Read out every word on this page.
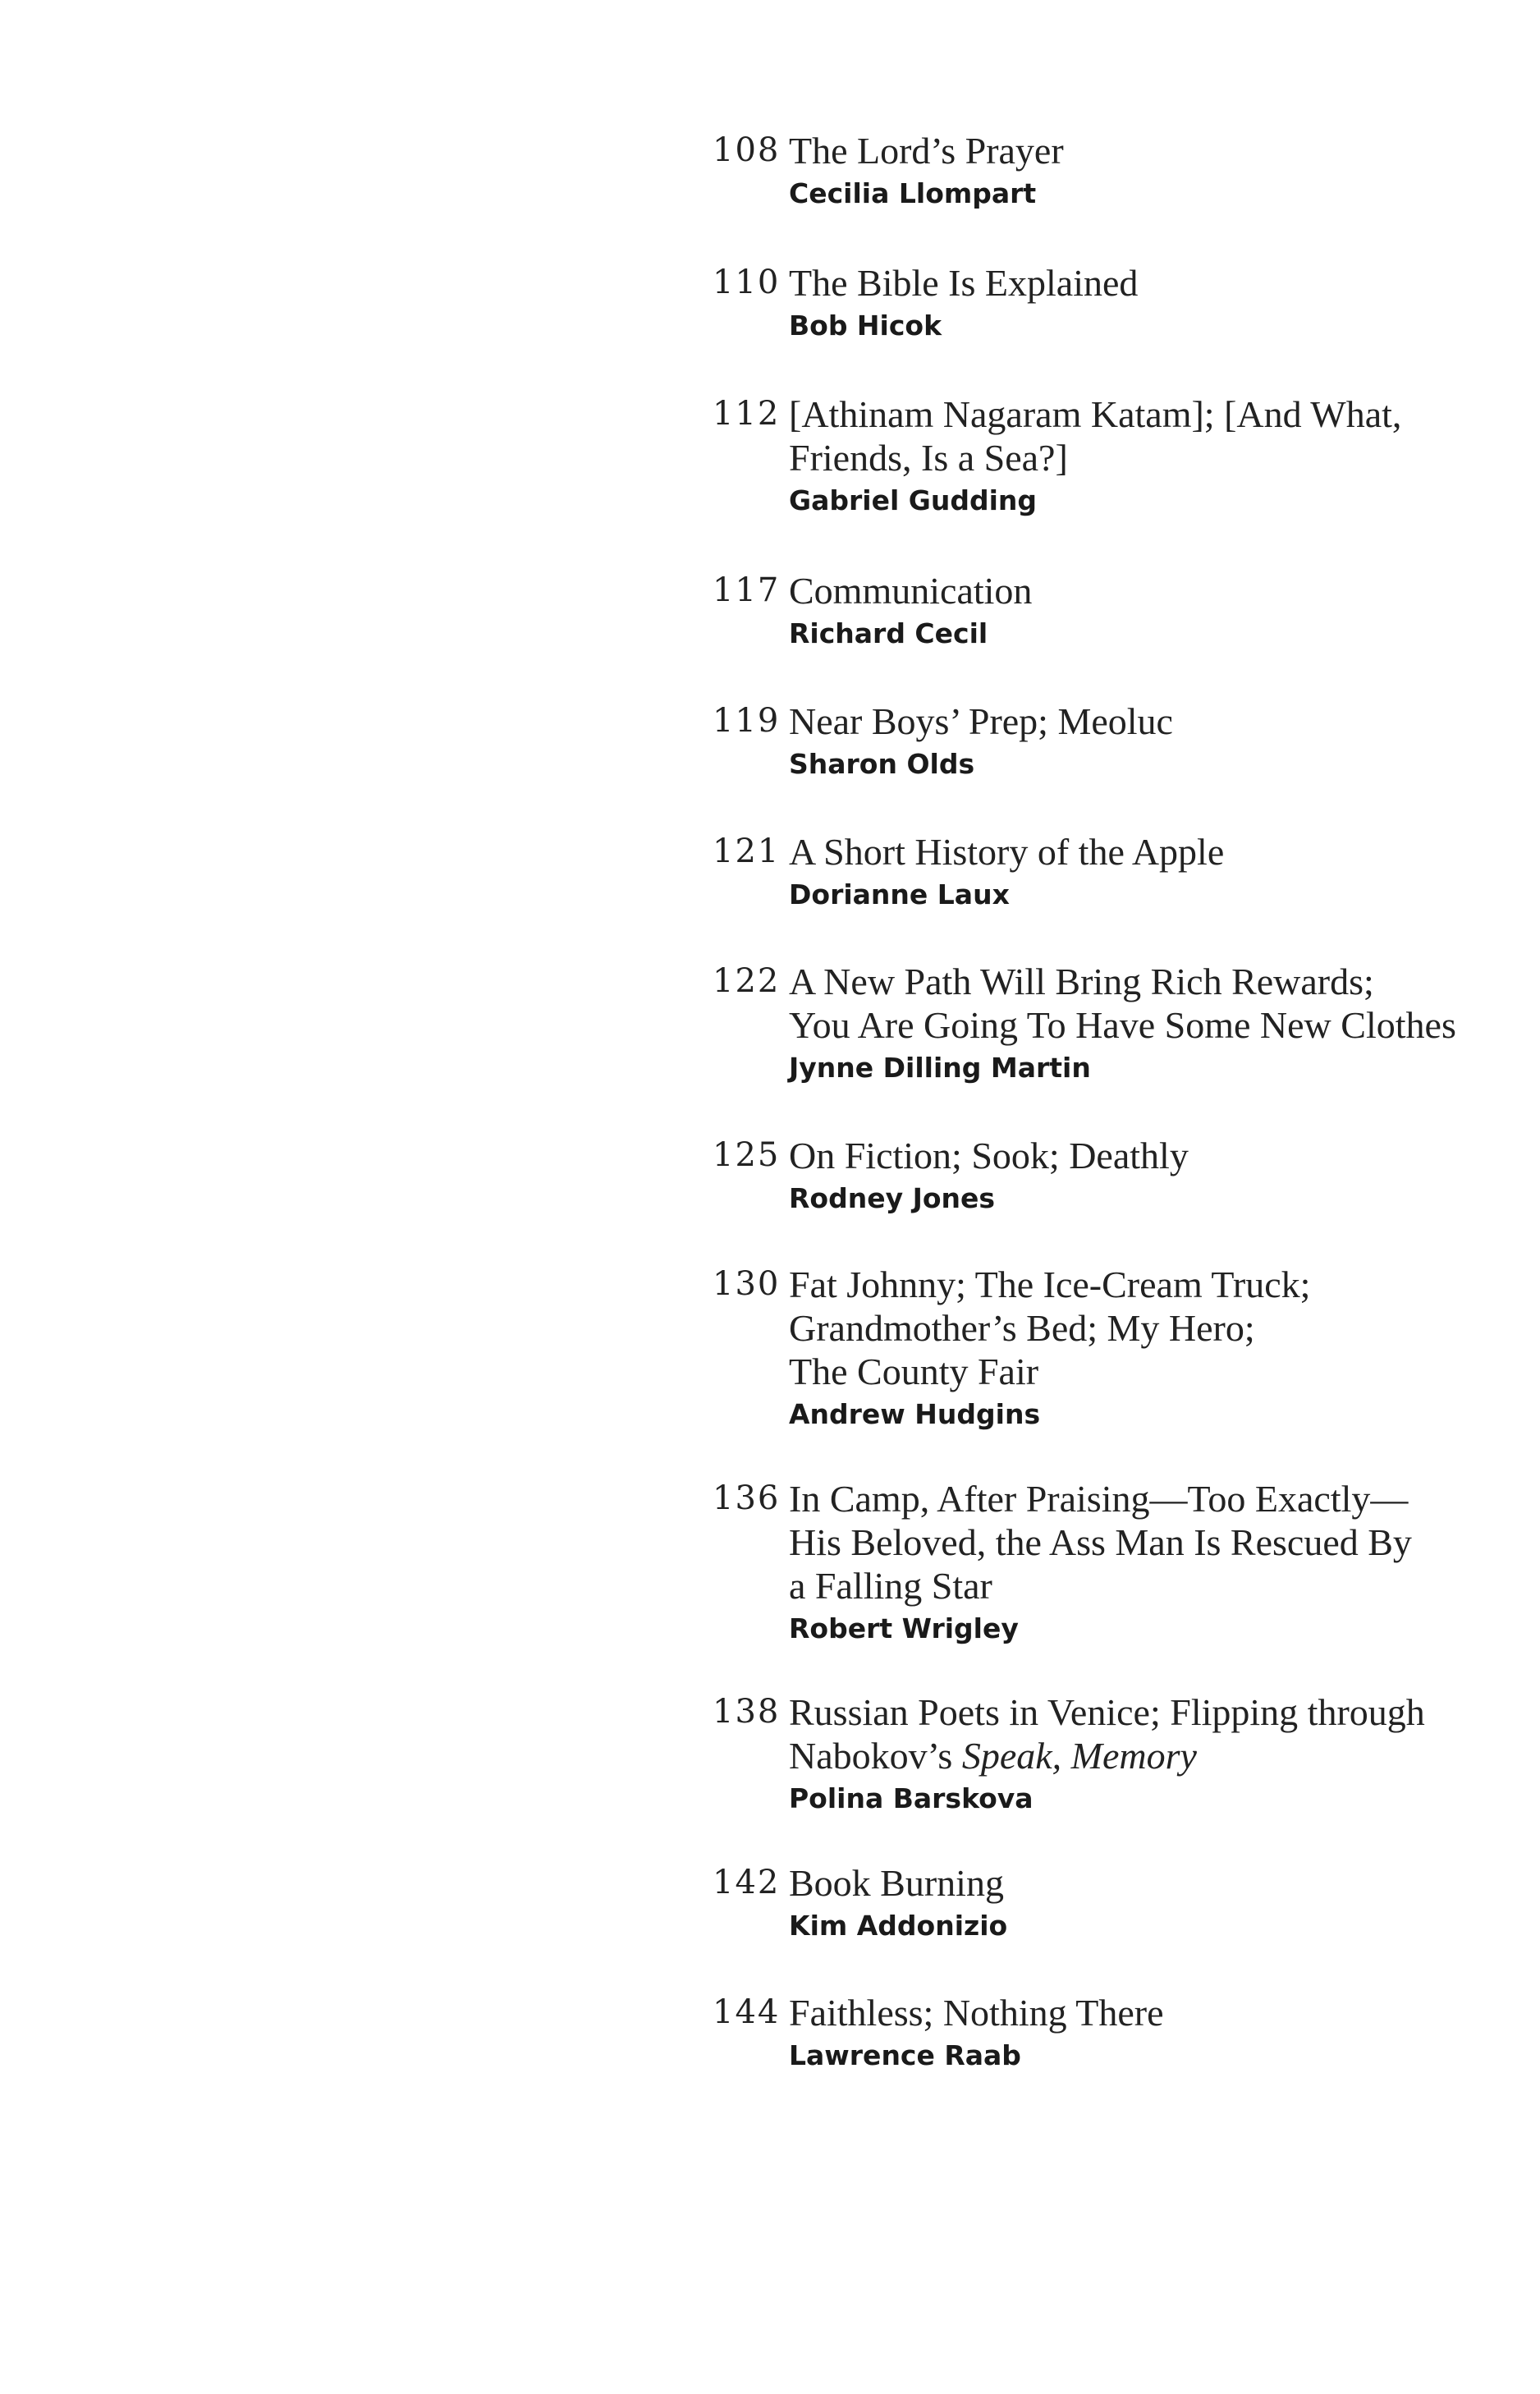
108 The Lord’s Prayer
Cecilia Llompart
110 The Bible Is Explained
Bob Hicok
112 [Athinam Nagaram Katam]; [And What,
Friends, Is a Sea?]
Gabriel Gudding
117 Communication
Richard Cecil
119 Near Boys’ Prep; Meoluc
Sharon Olds
121 A Short History of the Apple
Dorianne Laux
122 A New Path Will Bring Rich Rewards;
You Are Going To Have Some New Clothes
Jynne Dilling Martin
125 On Fiction; Sook; Deathly
Rodney Jones
130 Fat Johnny; The Ice-Cream Truck;
Grandmother’s Bed; My Hero;
The County Fair
Andrew Hudgins
136 In Camp, After Praising—Too Exactly—
His Beloved, the Ass Man Is Rescued By
a Falling Star
Robert Wrigley
138 Russian Poets in Venice; Flipping through
Nabokov’s Speak, Memory
Polina Barskova
142 Book Burning
Kim Addonizio
144 Faithless; Nothing There
Lawrence Raab
